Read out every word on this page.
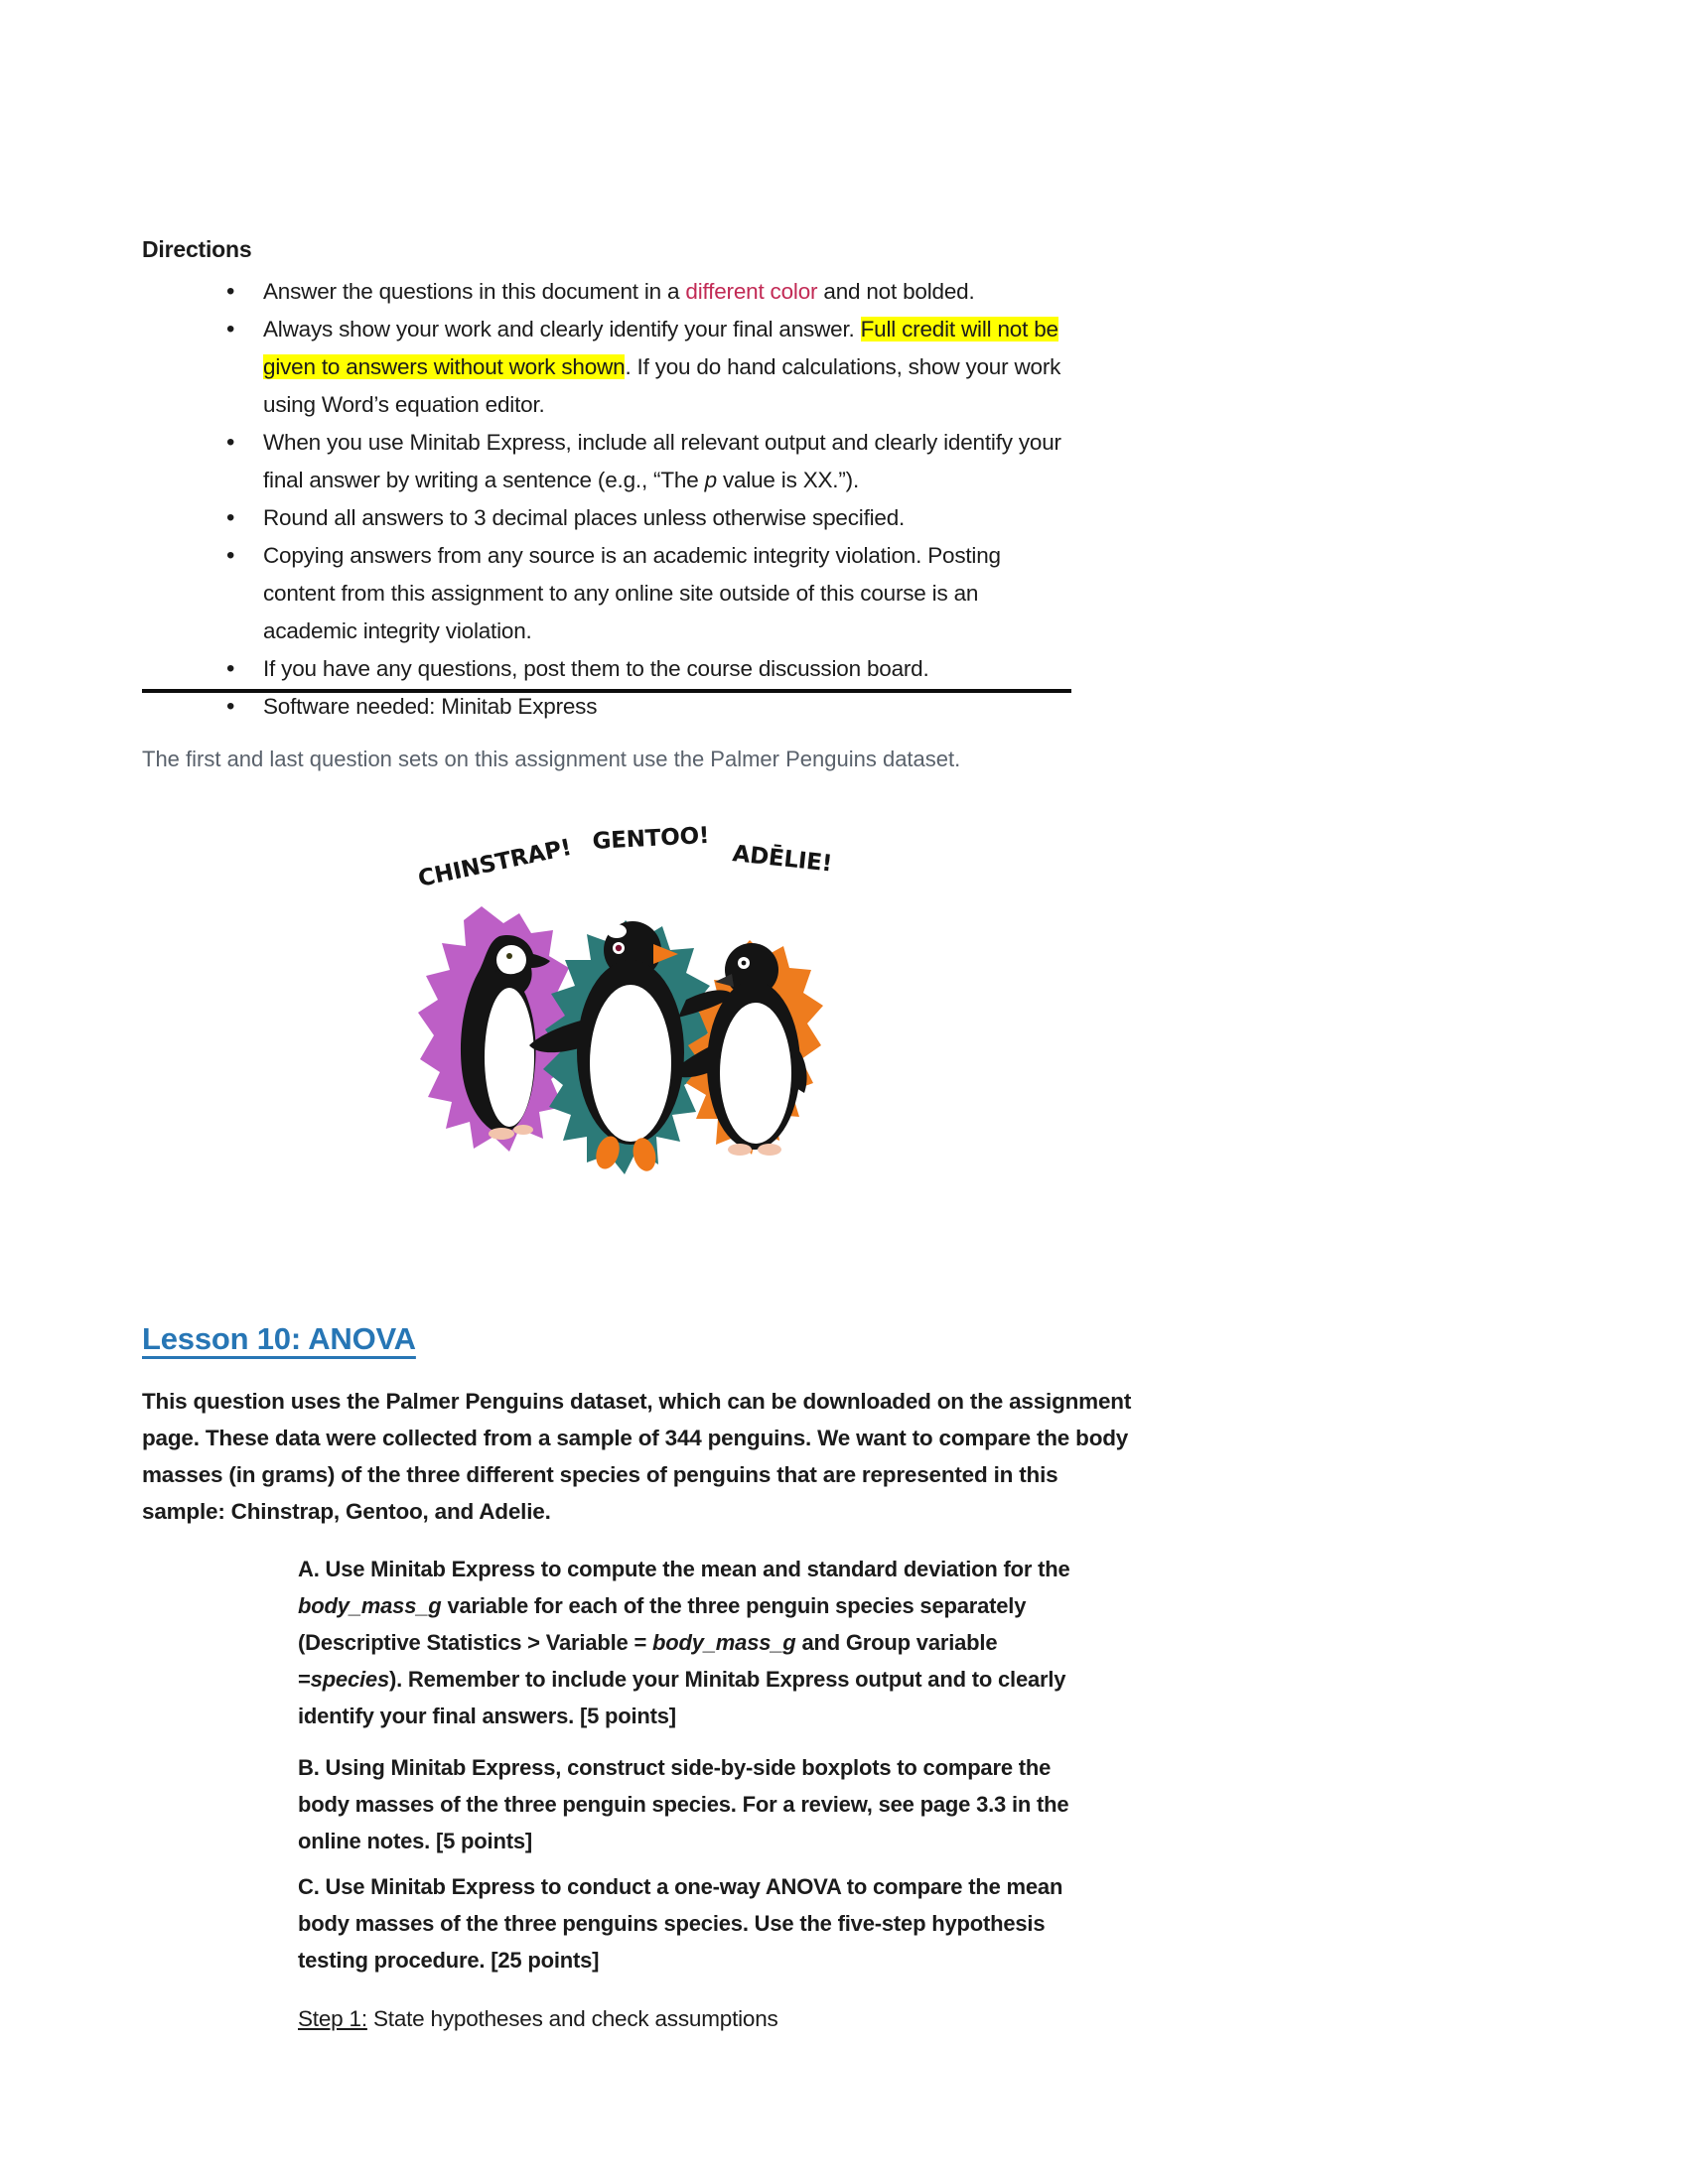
Directions

• Answer the questions in this document in a different color and not bolded.
• Always show your work and clearly identify your final answer. Full credit will not be given to answers without work shown. If you do hand calculations, show your work using Word’s equation editor.
• When you use Minitab Express, include all relevant output and clearly identify your final answer by writing a sentence (e.g., “The p value is XX.”).
• Round all answers to 3 decimal places unless otherwise specified.
• Copying answers from any source is an academic integrity violation. Posting content from this assignment to any online site outside of this course is an academic integrity violation.
• If you have any questions, post them to the course discussion board.
• Software needed: Minitab Express

The first and last question sets on this assignment use the Palmer Penguins dataset.

CHINSTRAP! GENTOO!
ADĒLIE!
Lesson 10: ANOVA

This question uses the Palmer Penguins dataset, which can be downloaded on the assignment page. These data were collected from a sample of 344 penguins. We want to compare the body masses (in grams) of the three different species of penguins that are represented in this sample: Chinstrap, Gentoo, and Adelie.

A. Use Minitab Express to compute the mean and standard deviation for the body_mass_g variable for each of the three penguin species separately (Descriptive Statistics > Variable = body_mass_g and Group variable =species). Remember to include your Minitab Express output and to clearly identify your final answers. [5 points]

B. Using Minitab Express, construct side-by-side boxplots to compare the body masses of the three penguin species. For a review, see page 3.3 in the online notes. [5 points]

C. Use Minitab Express to conduct a one-way ANOVA to compare the mean body masses of the three penguins species. Use the five-step hypothesis testing procedure. [25 points]

Step 1: State hypotheses and check assumptions
